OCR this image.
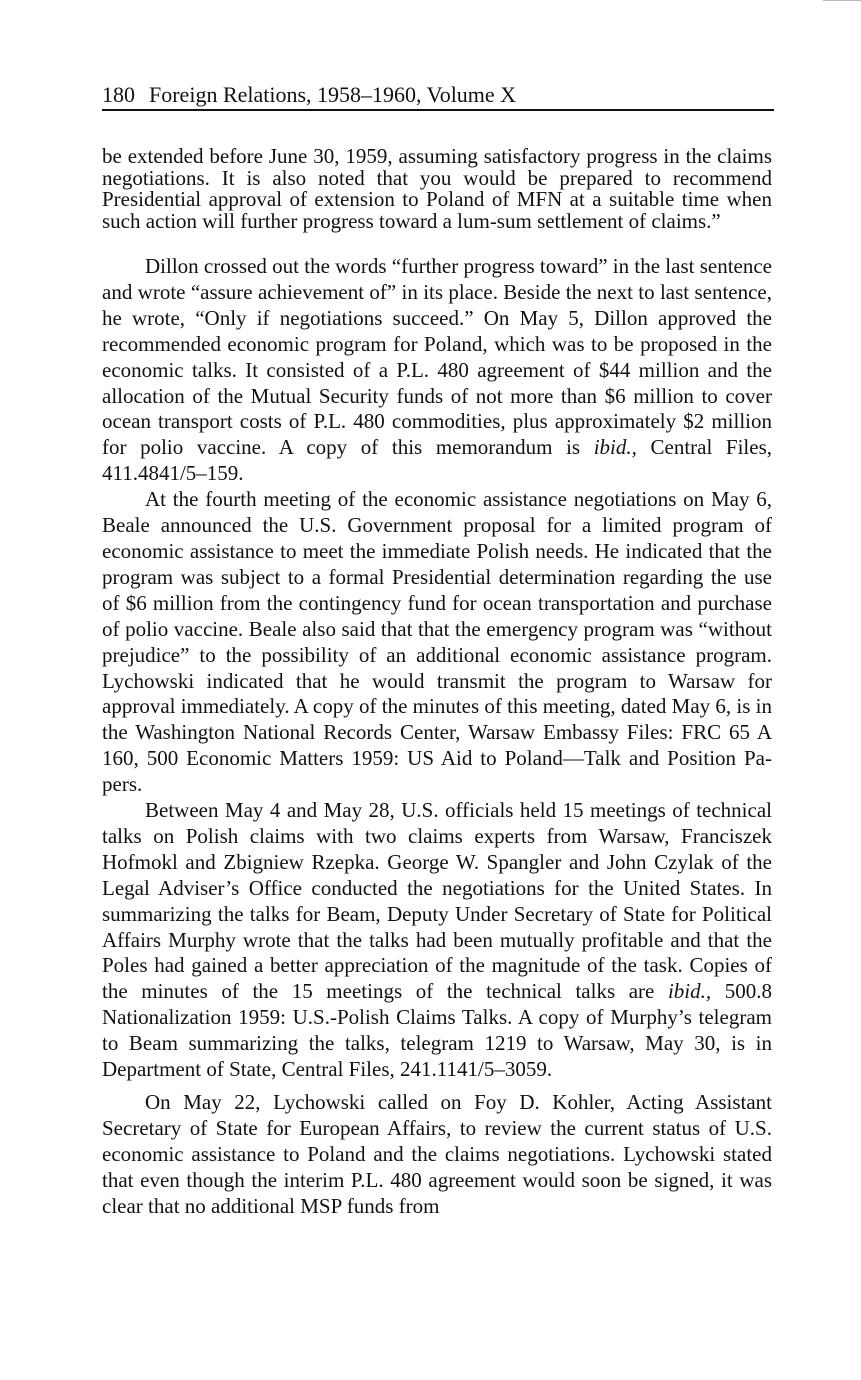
180 Foreign Relations, 1958–1960, Volume X

be extended before June 30, 1959, assuming satisfactory progress in the claims negotiations. It is also noted that you would be prepared to recommend Presidential approval of extension to Poland of MFN at a suitable time when such action will further progress toward a lum-sum settlement of claims.”

Dillon crossed out the words “further progress toward” in the last sentence and wrote “assure achievement of” in its place. Beside the next to last sentence, he wrote, “Only if negotiations succeed.” On May 5, Dillon approved the recommended economic program for Poland, which was to be proposed in the economic talks. It consisted of a P.L. 480 agreement of $44 million and the allocation of the Mutual Security funds of not more than $6 million to cover ocean transport costs of P.L. 480 commodities, plus approximately $2 million for polio vaccine. A copy of this memorandum is ibid., Central Files, 411.4841/5–159.

At the fourth meeting of the economic assistance negotiations on May 6, Beale announced the U.S. Government proposal for a limited program of economic assistance to meet the immediate Polish needs. He indicated that the program was subject to a formal Presidential determination regarding the use of $6 million from the contingency fund for ocean transportation and purchase of polio vaccine. Beale also said that that the emergency program was “without prejudice” to the possibility of an additional economic assistance program. Lychowski indicated that he would transmit the program to Warsaw for approval immediately. A copy of the minutes of this meeting, dated May 6, is in the Washington National Records Center, Warsaw Embassy Files: FRC 65 A 160, 500 Economic Matters 1959: US Aid to Poland—Talk and Position Papers.

Between May 4 and May 28, U.S. officials held 15 meetings of technical talks on Polish claims with two claims experts from Warsaw, Franciszek Hofmokl and Zbigniew Rzepka. George W. Spangler and John Czylak of the Legal Adviser’s Office conducted the negotiations for the United States. In summarizing the talks for Beam, Deputy Under Secretary of State for Political Affairs Murphy wrote that the talks had been mutually profitable and that the Poles had gained a better appreciation of the magnitude of the task. Copies of the minutes of the 15 meetings of the technical talks are ibid., 500.8 Nationalization 1959: U.S.-Polish Claims Talks. A copy of Murphy’s telegram to Beam summarizing the talks, telegram 1219 to Warsaw, May 30, is in Department of State, Central Files, 241.1141/5–3059.

On May 22, Lychowski called on Foy D. Kohler, Acting Assistant Secretary of State for European Affairs, to review the current status of U.S. economic assistance to Poland and the claims negotiations. Lychowski stated that even though the interim P.L. 480 agreement would soon be signed, it was clear that no additional MSP funds from
